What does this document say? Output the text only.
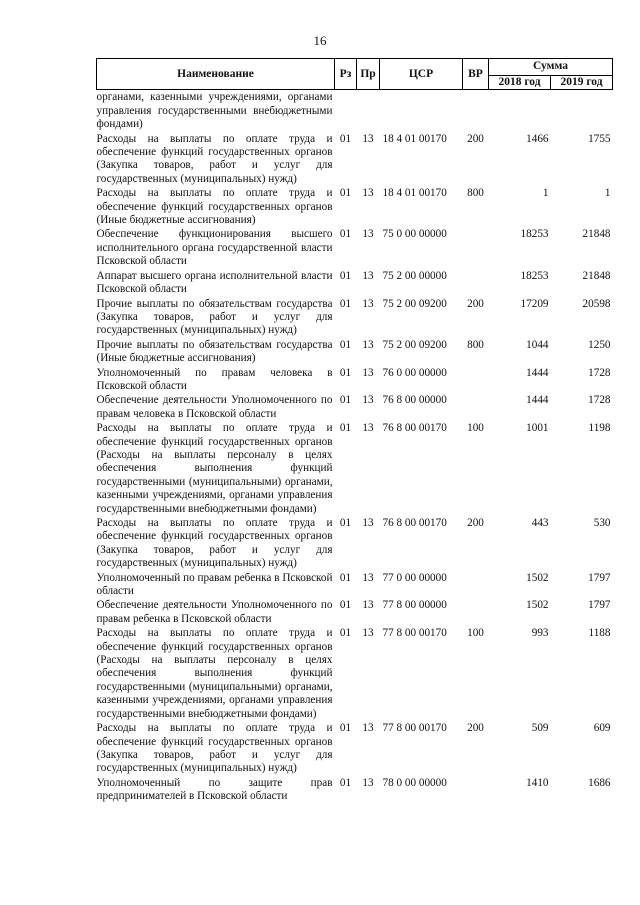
16
Наименование	Рз	Пр	ЦСР	ВР	Сумма	
					2018 год	2019 год
органами, казенными учреждениями, органами управления государственными внебюджетными фондами)						
Расходы на выплаты по оплате труда и обеспечение функций государственных органов (Закупка товаров, работ и услуг для государственных (муниципальных) нужд)	01	13	18 4 01 00170	200	1466	1755
Расходы на выплаты по оплате труда и обеспечение функций государственных органов (Иные бюджетные ассигнования)	01	13	18 4 01 00170	800	1	1
Обеспечение функционирования высшего исполнительного органа государственной власти Псковской области	01	13	75 0 00 00000		18253	21848
Аппарат высшего органа исполнительной власти Псковской области	01	13	75 2 00 00000		18253	21848
Прочие выплаты по обязательствам государства (Закупка товаров, работ и услуг для государственных (муниципальных) нужд)	01	13	75 2 00 09200	200	17209	20598
Прочие выплаты по обязательствам государства (Иные бюджетные ассигнования)	01	13	75 2 00 09200	800	1044	1250
Уполномоченный по правам человека в Псковской области	01	13	76 0 00 00000		1444	1728
Обеспечение деятельности Уполномоченного по правам человека в Псковской области	01	13	76 8 00 00000		1444	1728
Расходы на выплаты по оплате труда и обеспечение функций государственных органов (Расходы на выплаты персоналу в целях обеспечения выполнения функций государственными (муниципальными) органами, казенными учреждениями, органами управления государственными внебюджетными фондами)	01	13	76 8 00 00170	100	1001	1198
Расходы на выплаты по оплате труда и обеспечение функций государственных органов (Закупка товаров, работ и услуг для государственных (муниципальных) нужд)	01	13	76 8 00 00170	200	443	530
Уполномоченный по правам ребенка в Псковской области	01	13	77 0 00 00000		1502	1797
Обеспечение деятельности Уполномоченного по правам ребенка в Псковской области	01	13	77 8 00 00000		1502	1797
Расходы на выплаты по оплате труда и обеспечение функций государственных органов (Расходы на выплаты персоналу в целях обеспечения выполнения функций государственными (муниципальными) органами, казенными учреждениями, органами управления государственными внебюджетными фондами)	01	13	77 8 00 00170	100	993	1188
Расходы на выплаты по оплате труда и обеспечение функций государственных органов (Закупка товаров, работ и услуг для государственных (муниципальных) нужд)	01	13	77 8 00 00170	200	509	609
Уполномоченный по защите прав предпринимателей в Псковской области	01	13	78 0 00 00000		1410	1686
